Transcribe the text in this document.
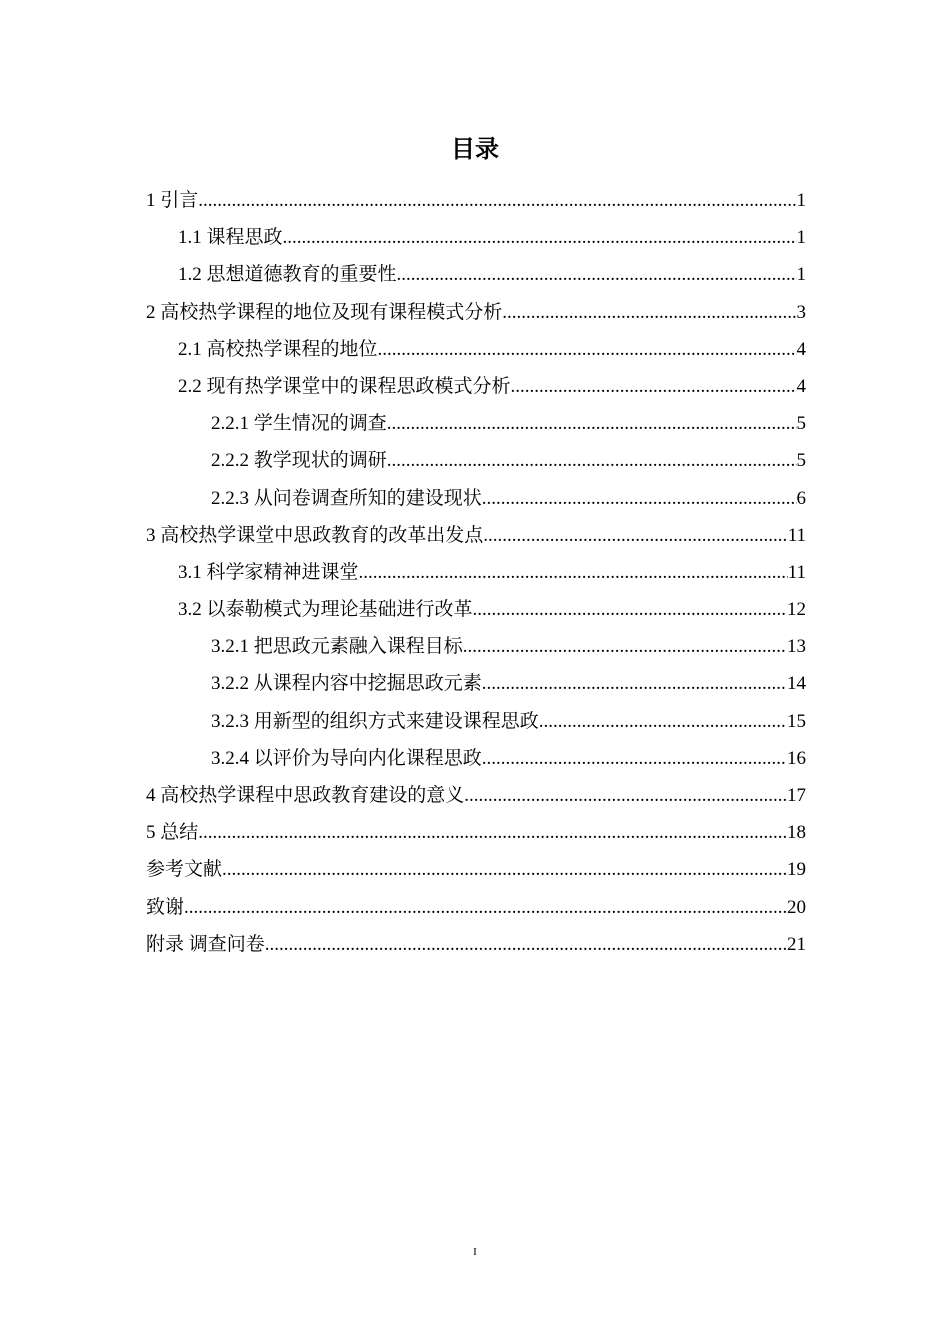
目录
1 引言 .....	1
1.1 课程思政 .....	1
1.2 思想道德教育的重要性 .....	1
2 高校热学课程的地位及现有课程模式分析 .....	3
2.1 高校热学课程的地位 .....	4
2.2 现有热学课堂中的课程思政模式分析 .....	4
2.2.1 学生情况的调查 .....	5
2.2.2 教学现状的调研 .....	5
2.2.3 从问卷调查所知的建设现状 .....	6
3 高校热学课堂中思政教育的改革出发点 .....	11
3.1 科学家精神进课堂 .....	11
3.2 以泰勒模式为理论基础进行改革 .....	12
3.2.1 把思政元素融入课程目标 .....	13
3.2.2 从课程内容中挖掘思政元素 .....	14
3.2.3 用新型的组织方式来建设课程思政 .....	15
3.2.4 以评价为导向内化课程思政 .....	16
4 高校热学课程中思政教育建设的意义 .....	17
5 总结 .....	18
参考文献 .....	19
致谢 .....	20
附录 调查问卷 .....	21
I
